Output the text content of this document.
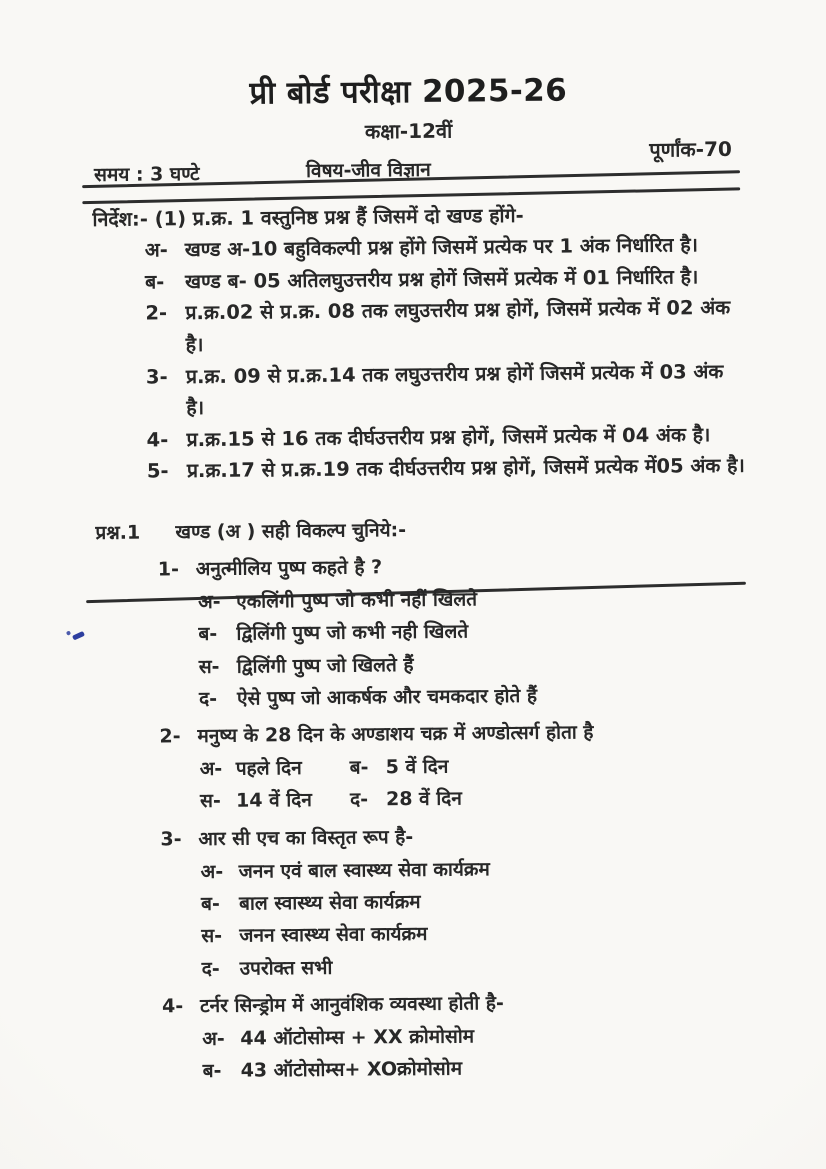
प्री बोर्ड परीक्षा 2025-26
कक्षा-12वीं
समय : 3 घण्टे	विषय-जीव विज्ञान
पूर्णांक-70
निर्देश:- (1) प्र.क्र. 1 वस्तुनिष्ठ प्रश्न हैं जिसमें दो खण्ड होंगे-
अ- खण्ड अ-10 बहुविकल्पी प्रश्न होंगे जिसमें प्रत्येक पर 1 अंक निर्धारित है।
ब-	खण्ड ब- 05 अतिलघुउत्तरीय प्रश्न होगें जिसमें प्रत्येक में 01 निर्धारित है।
2- प्र.क्र.02 से प्र.क्र. 08 तक लघुउत्तरीय प्रश्न होगें, जिसमें प्रत्येक में 02 अंक है।
3- प्र.क्र. 09 से प्र.क्र.14 तक लघुउत्तरीय प्रश्न होगें जिसमें प्रत्येक में 03 अंक है।
4- प्र.क्र.15 से 16 तक दीर्घउत्तरीय प्रश्न होगें, जिसमें प्रत्येक में 04 अंक है।
5- प्र.क्र.17 से प्र.क्र.19 तक दीर्घउत्तरीय प्रश्न होगें, जिसमें प्रत्येक में05 अंक है।
प्रश्न.1	खण्ड (अ ) सही विकल्प चुनिये:-
1- अनुत्मीलिय पुष्प कहते है ?
अ- एकलिंगी पुष्प जो कभी नहीं खिलते
ब-	द्विलिंगी पुष्प जो कभी नही खिलते
स- द्विलिंगी पुष्प जो खिलते हैं
द-	ऐसे पुष्प जो आकर्षक और चमकदार होते हैं
2- मनुष्य के 28 दिन के अण्डाशय चक्र में अण्डोत्सर्ग होता है
अ- पहले दिन	ब- 5 वें दिन
स- 14 वें दिन द- 28 वें दिन
3- आर सी एच का विस्तृत रूप है-
अ- जनन एवं बाल स्वास्थ्य सेवा कार्यक्रम
ब-	बाल स्वास्थ्य सेवा कार्यक्रम
स- जनन स्वास्थ्य सेवा कार्यक्रम
द-	उपरोक्त सभी
4- टर्नर सिन्ड्रोम में आनुवंशिक व्यवस्था होती है-
अ- 44 ऑटोसोम्स + XX क्रोमोसोम
ब-	43 ऑटोसोम्स+ XOक्रोमोसोम
